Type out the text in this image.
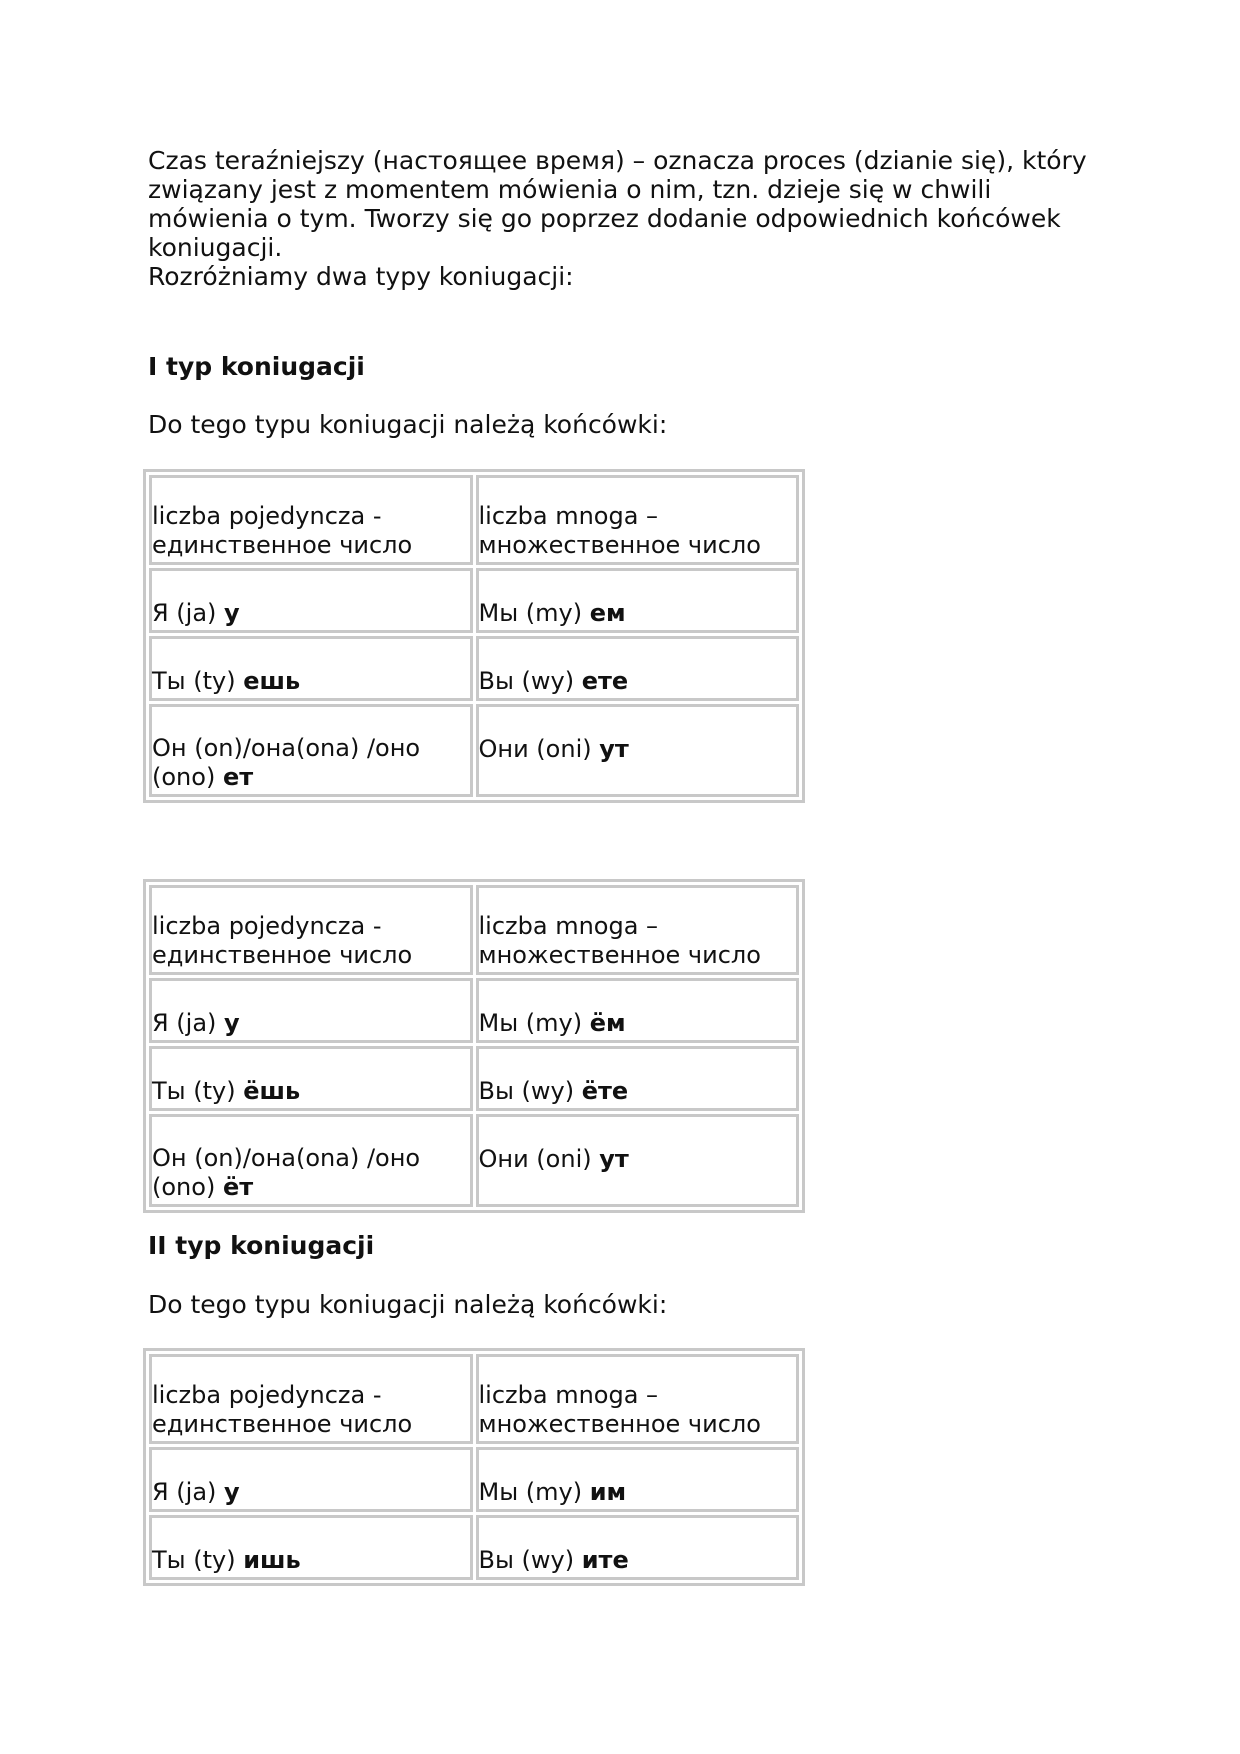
Czas teraźniejszy (настоящее время) – oznacza proces (dzianie się), który związany jest z momentem mówienia o nim, tzn. dzieje się w chwili mówienia o tym. Tworzy się go poprzez dodanie odpowiednich końcówek koniugacji.

Rozróżniamy dwa typy koniugacji:

I typ koniugacji

Do tego typu koniugacji należą końcówki:

liczba pojedyncza - единственное число	liczba mnoga – множественное число
Я (ja) у	Мы (my) ем
Ты (ty) ешь	Вы (wy) ете
Он (on)/она(ona) /оно (ono) ет	Они (oni) ут
liczba pojedyncza - единственное число	liczba mnoga – множественное число
Я (ja) у	Мы (my) ём
Ты (ty) ёшь	Вы (wy) ёте
Он (on)/она(ona) /оно (ono) ёт	Они (oni) ут

II typ koniugacji

Do tego typu koniugacji należą końcówki:

liczba pojedyncza - единственное число	liczba mnoga – множественное число
Я (ja) у	Мы (my) им
Ты (ty) ишь	Вы (wy) ите
